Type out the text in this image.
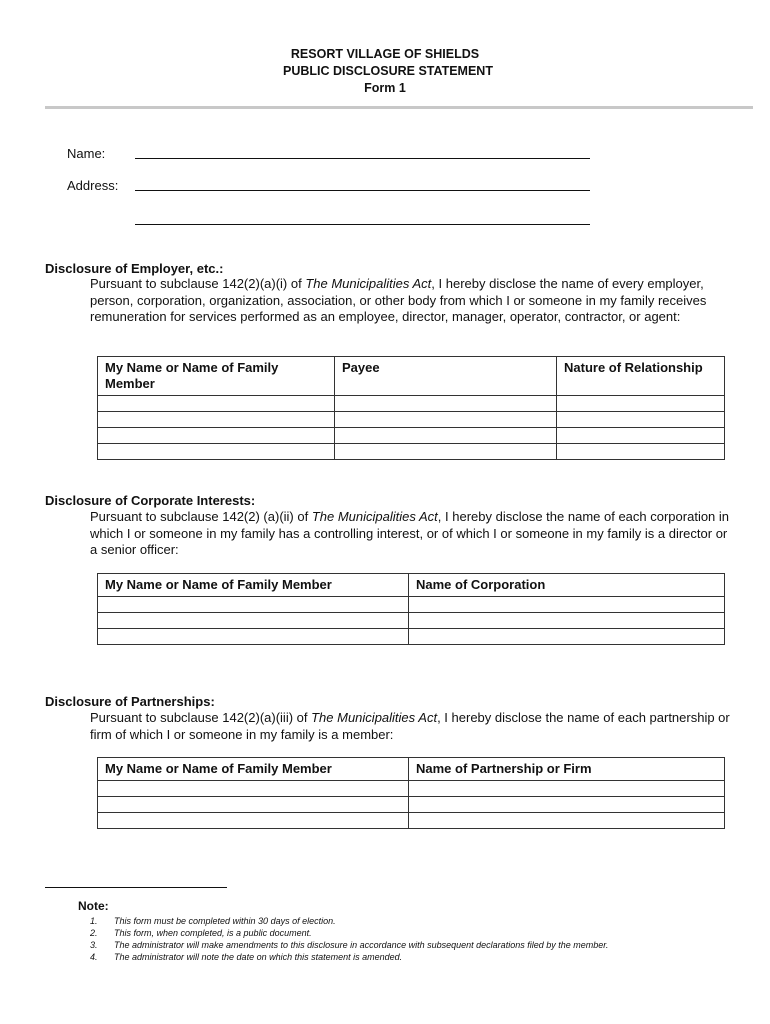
RESORT VILLAGE OF SHIELDS
PUBLIC DISCLOSURE STATEMENT
Form 1
Name:
Address:
Disclosure of Employer, etc.:
Pursuant to subclause 142(2)(a)(i) of The Municipalities Act, I hereby disclose the name of every employer, person, corporation, organization, association, or other body from which I or someone in my family receives remuneration for services performed as an employee, director, manager, operator, contractor, or agent:
My Name or Name of Family Member	Payee	Nature of Relationship

Disclosure of Corporate Interests:
Pursuant to subclause 142(2) (a)(ii) of The Municipalities Act, I hereby disclose the name of each corporation in which I or someone in my family has a controlling interest, or of which I or someone in my family is a director or a senior officer:
My Name or Name of Family Member	Name of Corporation

Disclosure of Partnerships:
Pursuant to subclause 142(2)(a)(iii) of The Municipalities Act, I hereby disclose the name of each partnership or firm of which I or someone in my family is a member:
My Name or Name of Family Member	Name of Partnership or Firm

Note:
1.	This form must be completed within 30 days of election.
2.	This form, when completed, is a public document.
3.	The administrator will make amendments to this disclosure in accordance with subsequent declarations filed by the member.
4.	The administrator will note the date on which this statement is amended.
